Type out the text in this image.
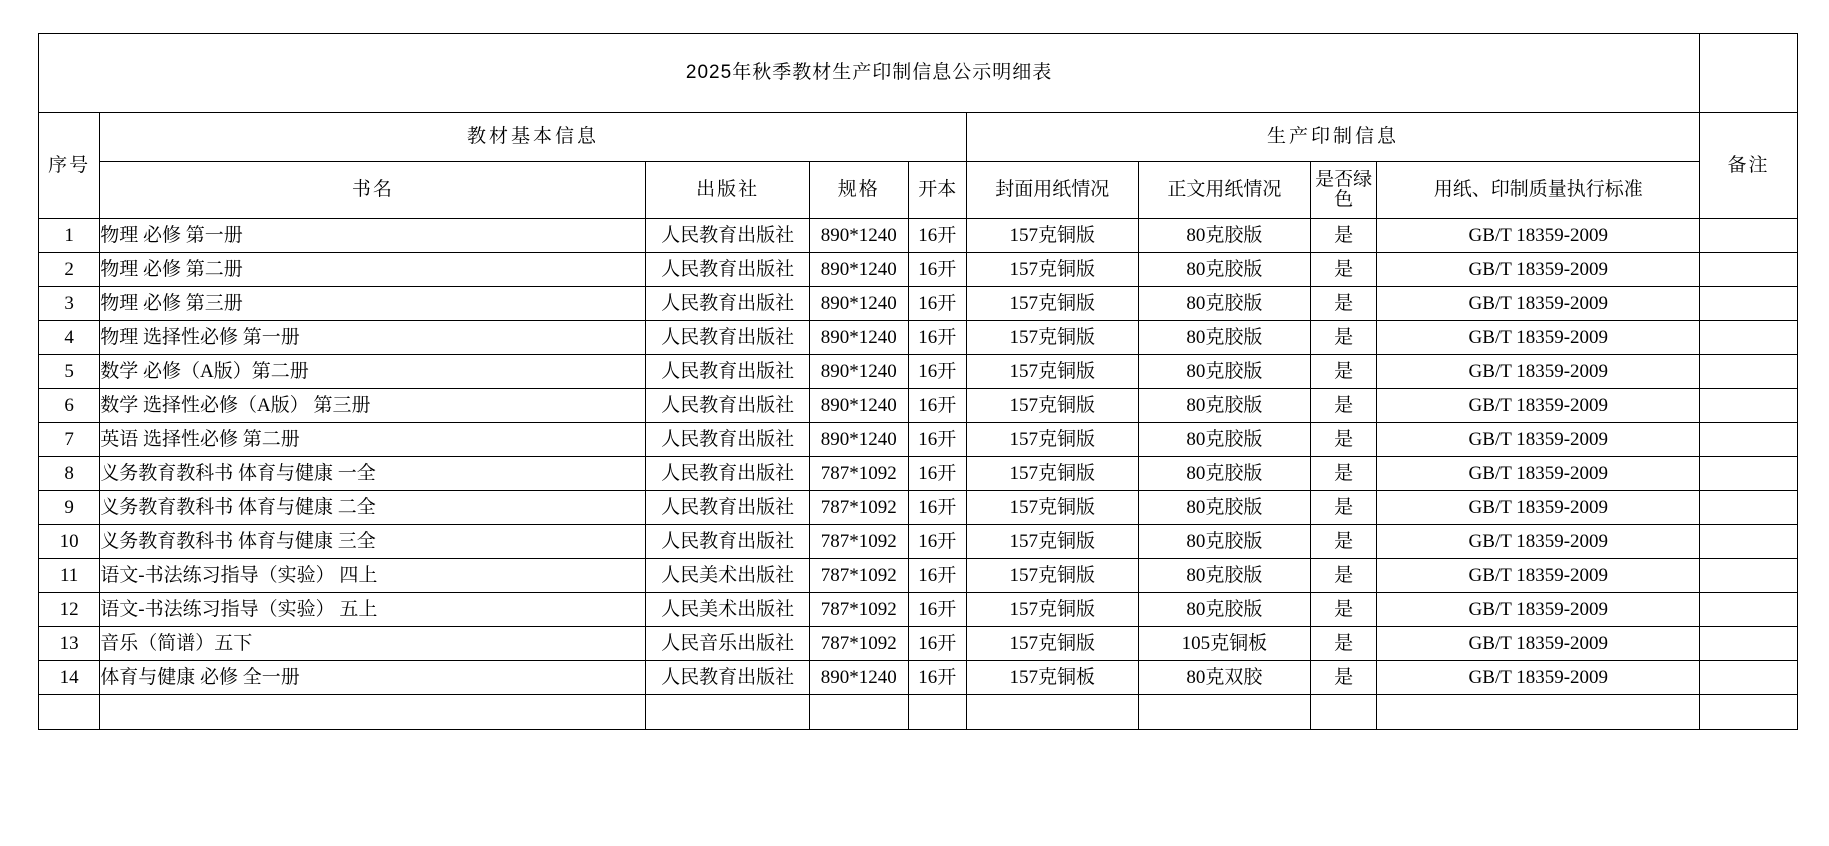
2025年秋季教材生产印制信息公示明细表									
序号	教材基本信息				生产印制信息				备注
	书名	出版社	规格	开本	封面用纸情况	正文用纸情况	是否绿色	用纸、印制质量执行标准	

1	物理 必修 第一册	人民教育出版社	890*1240	16开	157克铜版	80克胶版	是	GB/T 18359-2009	
2	物理 必修 第二册	人民教育出版社	890*1240	16开	157克铜版	80克胶版	是	GB/T 18359-2009	
3	物理 必修 第三册	人民教育出版社	890*1240	16开	157克铜版	80克胶版	是	GB/T 18359-2009	
4	物理 选择性必修 第一册	人民教育出版社	890*1240	16开	157克铜版	80克胶版	是	GB/T 18359-2009	
5	数学 必修（A版）第二册	人民教育出版社	890*1240	16开	157克铜版	80克胶版	是	GB/T 18359-2009	
6	数学 选择性必修（A版） 第三册	人民教育出版社	890*1240	16开	157克铜版	80克胶版	是	GB/T 18359-2009	
7	英语 选择性必修 第二册	人民教育出版社	890*1240	16开	157克铜版	80克胶版	是	GB/T 18359-2009	
8	义务教育教科书 体育与健康 一全	人民教育出版社	787*1092	16开	157克铜版	80克胶版	是	GB/T 18359-2009	
9	义务教育教科书 体育与健康 二全	人民教育出版社	787*1092	16开	157克铜版	80克胶版	是	GB/T 18359-2009	
10	义务教育教科书 体育与健康 三全	人民教育出版社	787*1092	16开	157克铜版	80克胶版	是	GB/T 18359-2009	
11	语文-书法练习指导（实验） 四上	人民美术出版社	787*1092	16开	157克铜版	80克胶版	是	GB/T 18359-2009	
12	语文-书法练习指导（实验） 五上	人民美术出版社	787*1092	16开	157克铜版	80克胶版	是	GB/T 18359-2009	
13	音乐（简谱）五下	人民音乐出版社	787*1092	16开	157克铜版	105克铜板	是	GB/T 18359-2009	
14	体育与健康 必修 全一册	人民教育出版社	890*1240	16开	157克铜板	80克双胶	是	GB/T 18359-2009	
